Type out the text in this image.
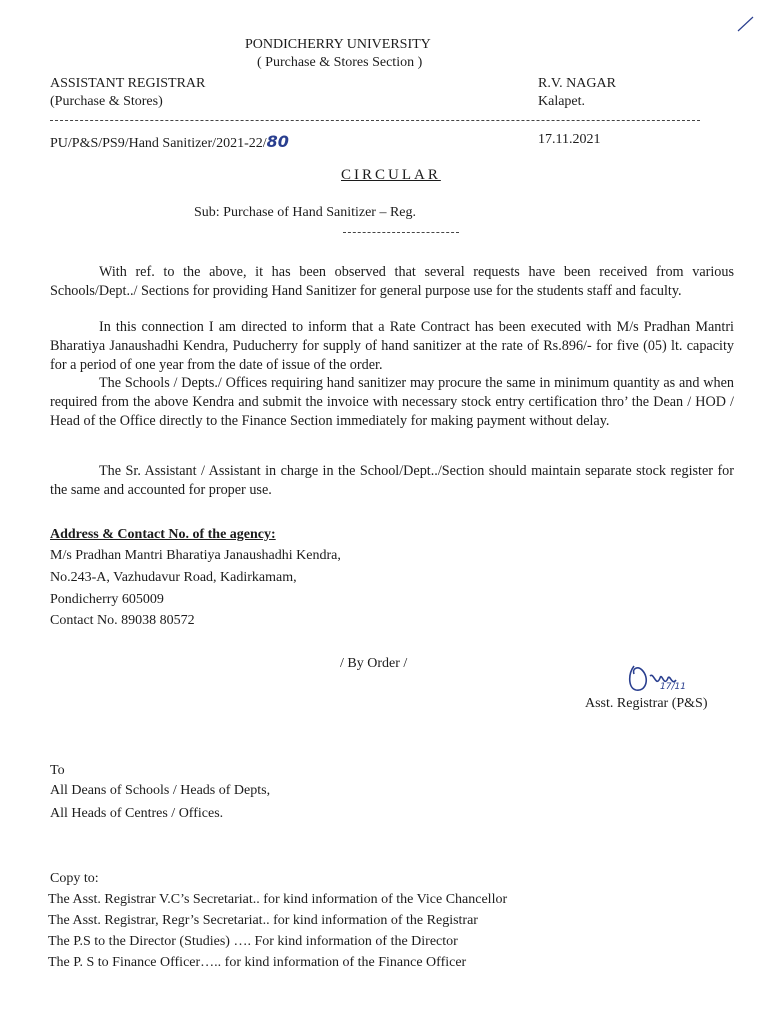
PONDICHERRY UNIVERSITY
( Purchase & Stores Section )
ASSISTANT REGISTRAR
(Purchase & Stores)
R.V. NAGAR
Kalapet.
PU/P&S/PS9/Hand Sanitizer/2021-22/80	17.11.2021
CIRCULAR
Sub: Purchase of Hand Sanitizer – Reg.
With ref. to the above, it has been observed that several requests have been received from various Schools/Dept../ Sections for providing Hand Sanitizer for general purpose use for the students staff and faculty.
In this connection I am directed to inform that a Rate Contract has been executed with M/s Pradhan Mantri Bharatiya Janaushadhi Kendra, Puducherry for supply of hand sanitizer at the rate of Rs.896/- for five (05) lt. capacity for a period of one year from the date of issue of the order.
The Schools / Depts./ Offices requiring hand sanitizer may procure the same in minimum quantity as and when required from the above Kendra and submit the invoice with necessary stock entry certification thro’ the Dean / HOD / Head of the Office directly to the Finance Section immediately for making payment without delay.
The Sr. Assistant / Assistant in charge in the School/Dept../Section should maintain separate stock register for the same and accounted for proper use.
Address & Contact No. of the agency:
M/s Pradhan Mantri Bharatiya Janaushadhi Kendra,
No.243-A, Vazhudavur Road, Kadirkamam,
Pondicherry 605009
Contact No. 89038 80572
/ By Order /
17/11
Asst. Registrar (P&S)
To
All Deans of Schools / Heads of Depts,
All Heads of Centres / Offices.
Copy to:
The Asst. Registrar V.C’s Secretariat.. for kind information of the Vice Chancellor
The Asst. Registrar, Regr’s Secretariat.. for kind information of the Registrar
The P.S to the Director (Studies) …. For kind information of the Director
The P. S to Finance Officer….. for kind information of the Finance Officer
